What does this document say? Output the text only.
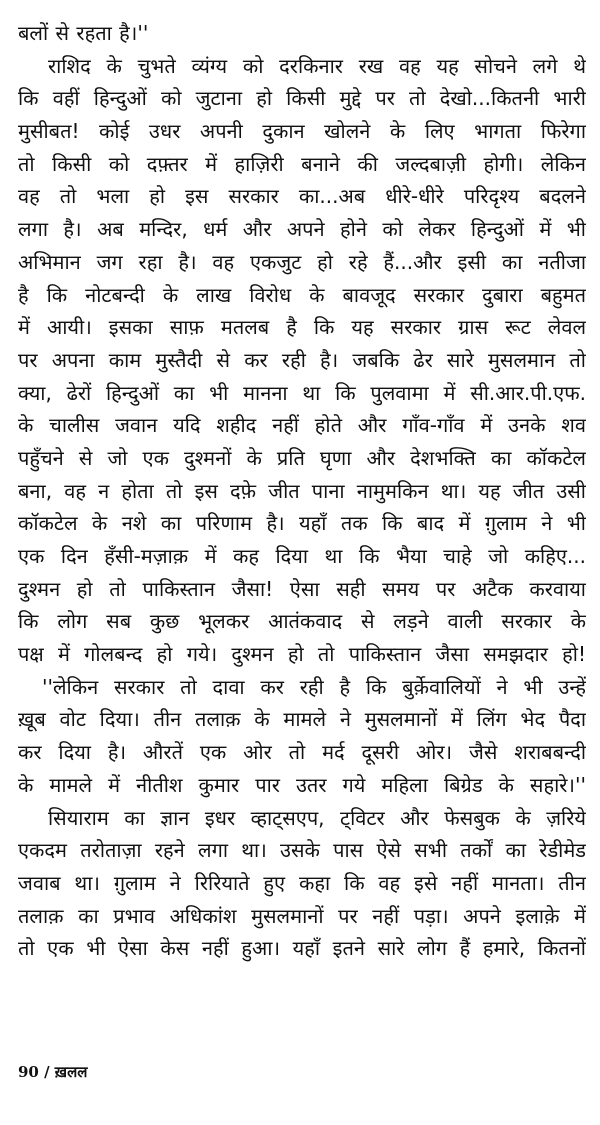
बलों से रहता है।''
राशिद के चुभते व्यंग्य को दरकिनार रख वह यह सोचने लगे थे
कि वहीं हिन्दुओं को जुटाना हो किसी मुद्दे पर तो देखो...कितनी भारी
मुसीबत! कोई उधर अपनी दुकान खोलने के लिए भागता फिरेगा
तो किसी को दफ़्तर में हाज़िरी बनाने की जल्दबाज़ी होगी। लेकिन
वह तो भला हो इस सरकार का...अब धीरे-धीरे परिदृश्य बदलने
लगा है। अब मन्दिर, धर्म और अपने होने को लेकर हिन्दुओं में भी
अभिमान जग रहा है। वह एकजुट हो रहे हैं...और इसी का नतीजा
है कि नोटबन्दी के लाख विरोध के बावजूद सरकार दुबारा बहुमत
में आयी। इसका साफ़ मतलब है कि यह सरकार ग्रास रूट लेवल
पर अपना काम मुस्तैदी से कर रही है। जबकि ढेर सारे मुसलमान तो
क्या, ढेरों हिन्दुओं का भी मानना था कि पुलवामा में सी.आर.पी.एफ.
के चालीस जवान यदि शहीद नहीं होते और गाँव-गाँव में उनके शव
पहुँचने से जो एक दुश्मनों के प्रति घृणा और देशभक्ति का कॉकटेल
बना, वह न होता तो इस दफ़े जीत पाना नामुमकिन था। यह जीत उसी
कॉकटेल के नशे का परिणाम है। यहाँ तक कि बाद में ग़ुलाम ने भी
एक दिन हँसी-मज़ाक़ में कह दिया था कि भैया चाहे जो कहिए...
दुश्मन हो तो पाकिस्तान जैसा! ऐसा सही समय पर अटैक करवाया
कि लोग सब कुछ भूलकर आतंकवाद से लड़ने वाली सरकार के
पक्ष में गोलबन्द हो गये। दुश्मन हो तो पाकिस्तान जैसा समझदार हो!
''लेकिन सरकार तो दावा कर रही है कि बुर्क़ेवालियों ने भी उन्हें
ख़ूब वोट दिया। तीन तलाक़ के मामले ने मुसलमानों में लिंग भेद पैदा
कर दिया है। औरतें एक ओर तो मर्द दूसरी ओर। जैसे शराबबन्दी
के मामले में नीतीश कुमार पार उतर गये महिला बिग्रेड के सहारे।''
सियाराम का ज्ञान इधर व्हाट्सएप, ट्विटर और फेसबुक के ज़रिये
एकदम तरोताज़ा रहने लगा था। उसके पास ऐसे सभी तर्कों का रेडीमेड
जवाब था। ग़ुलाम ने रिरियाते हुए कहा कि वह इसे नहीं मानता। तीन
तलाक़ का प्रभाव अधिकांश मुसलमानों पर नहीं पड़ा। अपने इलाक़े में
तो एक भी ऐसा केस नहीं हुआ। यहाँ इतने सारे लोग हैं हमारे, कितनों
90 / ख़लल
